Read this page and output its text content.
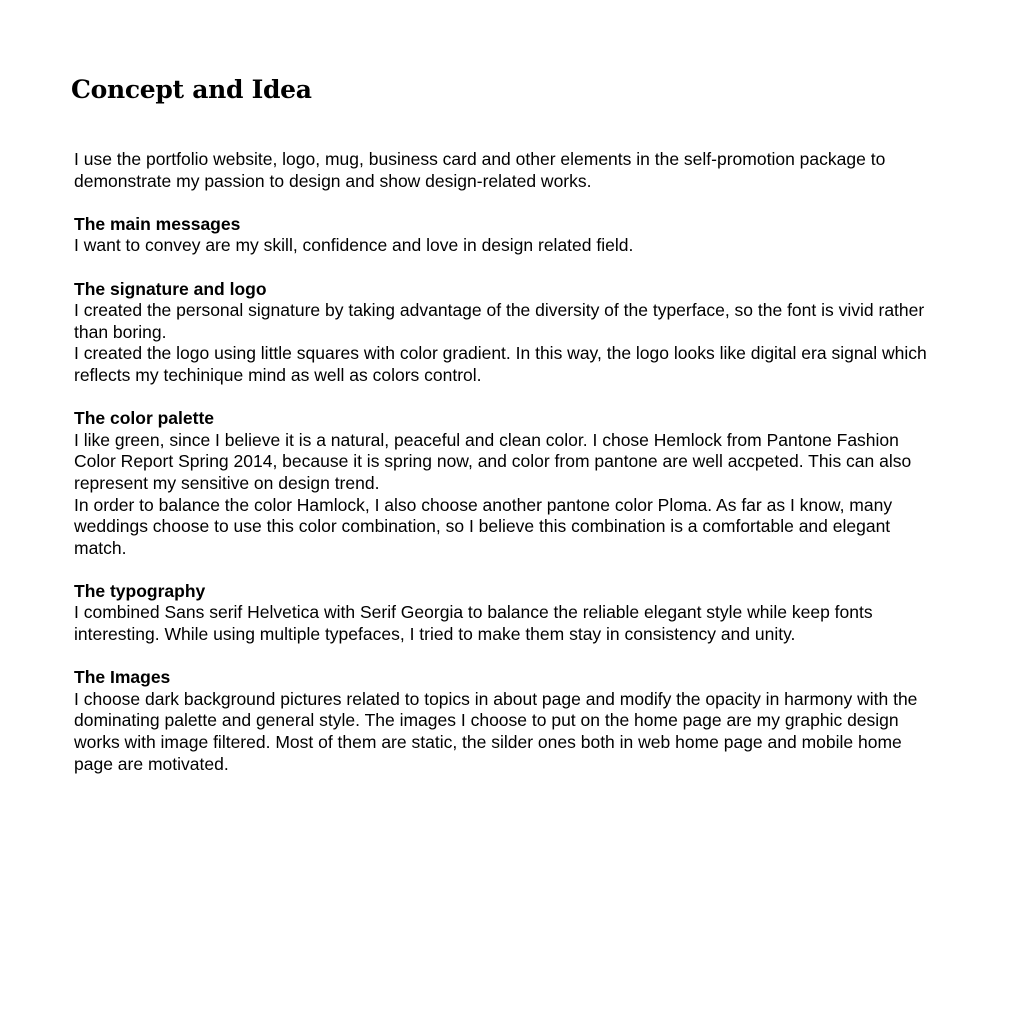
Concept and Idea

I use the portfolio website, logo, mug, business card and other elements in the self-promotion package to demonstrate my passion to design and show design-related works.

The main messages

I want to convey are my skill, confidence and love in design related field.

The signature and logo

I created the personal signature by taking advantage of the diversity of the typerface, so the font is vivid rather than boring.

I created the logo using little squares with color gradient. In this way, the logo looks like digital era signal which reflects my techinique mind as well as colors control.

The color palette

I like green, since I believe it is a natural, peaceful and clean color. I chose Hemlock from Pantone Fashion Color Report Spring 2014, because it is spring now, and color from pantone are well accpeted. This can also represent my sensitive on design trend.

In order to balance the color Hamlock, I also choose another pantone color Ploma. As far as I know, many weddings choose to use this color combination, so I believe this combination is a comfortable and elegant match.

The typography

I combined Sans serif Helvetica with Serif Georgia to balance the reliable elegant style while keep fonts interesting. While using multiple typefaces, I tried to make them stay in consistency and unity.

The Images

I choose dark background pictures related to topics in about page and modify the opacity in harmony with the dominating palette and general style. The images I choose to put on the home page are my graphic design works with image filtered. Most of them are static, the silder ones both in web home page and mobile home page are motivated.
